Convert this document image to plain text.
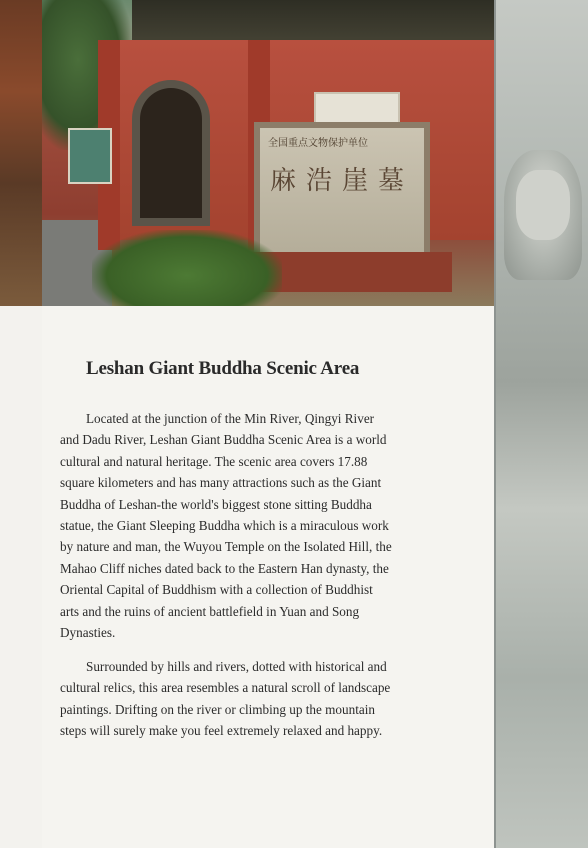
全国重点文物保护单位
麻浩崖墓
Leshan Giant Buddha Scenic Area
Located at the junction of the Min River, Qingyi River
and Dadu River, Leshan Giant Buddha Scenic Area is a world
cultural and natural heritage. The scenic area covers 17.88
square kilometers and has many attractions such as the Giant
Buddha of Leshan-the world's biggest stone sitting Buddha
statue, the Giant Sleeping Buddha which is a miraculous work
by nature and man, the Wuyou Temple on the Isolated Hill, the
Mahao Cliff niches dated back to the Eastern Han dynasty, the
Oriental Capital of Buddhism with a collection of Buddhist
arts and the ruins of ancient battlefield in Yuan and Song
Dynasties.
Surrounded by hills and rivers, dotted with historical and
cultural relics, this area resembles a natural scroll of landscape
paintings. Drifting on the river or climbing up the mountain
steps will surely make you feel extremely relaxed and happy.
